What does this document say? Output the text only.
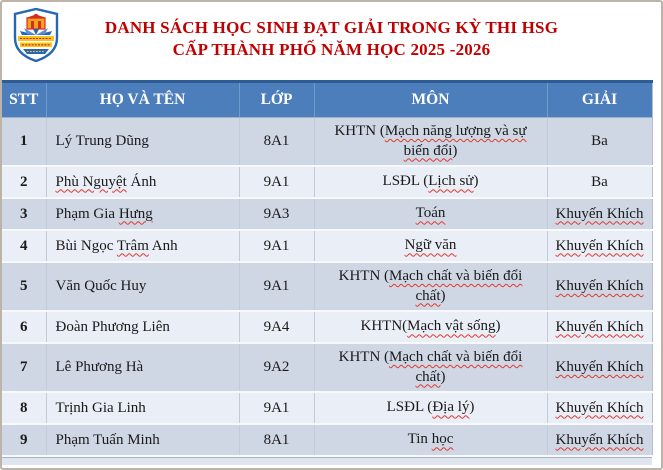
DANH SÁCH HỌC SINH ĐẠT GIẢI TRONG KỲ THI HSG
CẤP THÀNH PHỐ NĂM HỌC 2025 -2026
STT	HỌ VÀ TÊN	LỚP	MÔN	GIẢI
1	Lý Trung Dũng	8A1	KHTN (Mạch năng lượng và sự biến đổi)	Ba
2	Phù Nguyệt Ánh	9A1	LSĐL (Lịch sử)	Ba
3	Phạm Gia Hưng	9A3	Toán	Khuyến Khích
4	Bùi Ngọc Trâm Anh	9A1	Ngữ văn	Khuyến Khích
5	Văn Quốc Huy	9A1	KHTN (Mạch chất và biến đổi chất)	Khuyến Khích
6	Đoàn Phương Liên	9A4	KHTN(Mạch vật sống)	Khuyến Khích
7	Lê Phương Hà	9A2	KHTN (Mạch chất và biến đổi chất)	Khuyến Khích
8	Trịnh Gia Linh	9A1	LSĐL (Địa lý)	Khuyến Khích
9	Phạm Tuấn Minh	8A1	Tin học	Khuyến Khích
